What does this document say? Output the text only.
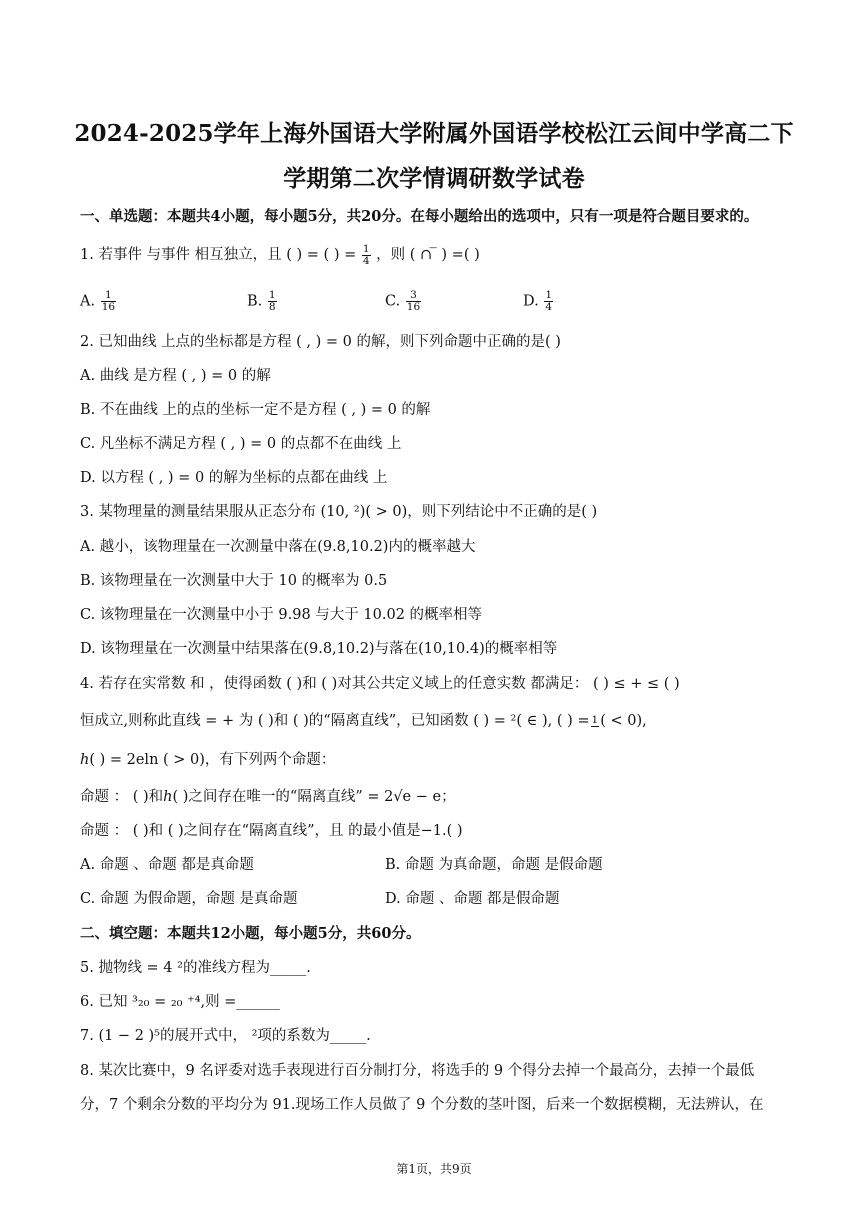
2024-2025学年上海外国语大学附属外国语学校松江云间中学高二下
学期第二次学情调研数学试卷
一、单选题：本题共4小题，每小题5分，共20分。在每小题给出的选项中，只有一项是符合题目要求的。
1. 若事件 与事件 相互独立，且 ( ) = ( ) = $\frac{1}{4}$ ，则 ( ∩ ̅ ) =( )
A. $\frac{1}{16}$	B. $\frac{1}{8}$	C. $\frac{3}{16}$	D. $\frac{1}{4}$
2. 已知曲线 上点的坐标都是方程 ( , ) = 0 的解，则下列命题中正确的是( )
A. 曲线 是方程 ( , ) = 0 的解
B. 不在曲线 上的点的坐标一定不是方程 ( , ) = 0 的解
C. 凡坐标不满足方程 ( , ) = 0 的点都不在曲线 上
D. 以方程 ( , ) = 0 的解为坐标的点都在曲线 上
3. 某物理量的测量结果服从正态分布 (10, ²)( > 0)，则下列结论中不正确的是( )
A. 越小，该物理量在一次测量中落在(9.8,10.2)内的概率越大
B. 该物理量在一次测量中大于 10 的概率为 0.5
C. 该物理量在一次测量中小于 9.98 与大于 10.02 的概率相等
D. 该物理量在一次测量中结果落在(9.8,10.2)与落在(10,10.4)的概率相等
4. 若存在实常数 和 ，使得函数 ( )和 ( )对其公共定义域上的任意实数 都满足： ( ) ≤ + ≤ ( )
恒成立,则称此直线 = + 为 ( )和 ( )的“隔离直线”，已知函数 ( ) = ²( ∈ ), ( ) = 1 ( < 0),
ℎ( ) = 2eln ( > 0)，有下列两个命题：
命题 ： ( )和ℎ( )之间存在唯一的“隔离直线” = 2√e − e；
命题 ： ( )和 ( )之间存在“隔离直线”，且 的最小值是−1.( )
A. 命题 、命题 都是真命题	B. 命题 为真命题，命题 是假命题
C. 命题 为假命题，命题 是真命题	D. 命题 、命题 都是假命题
二、填空题：本题共12小题，每小题5分，共60分。
5. 抛物线 = 4 ²的准线方程为_____.
6. 已知 ³₂₀ = ₂₀ ⁺⁴,则 =______
7. (1 − 2 )⁵的展开式中， ²项的系数为_____.
8. 某次比赛中，9 名评委对选手表现进行百分制打分，将选手的 9 个得分去掉一个最高分，去掉一个最低
分，7 个剩余分数的平均分为 91.现场工作人员做了 9 个分数的茎叶图，后来一个数据模糊，无法辨认，在
第1页，共9页
